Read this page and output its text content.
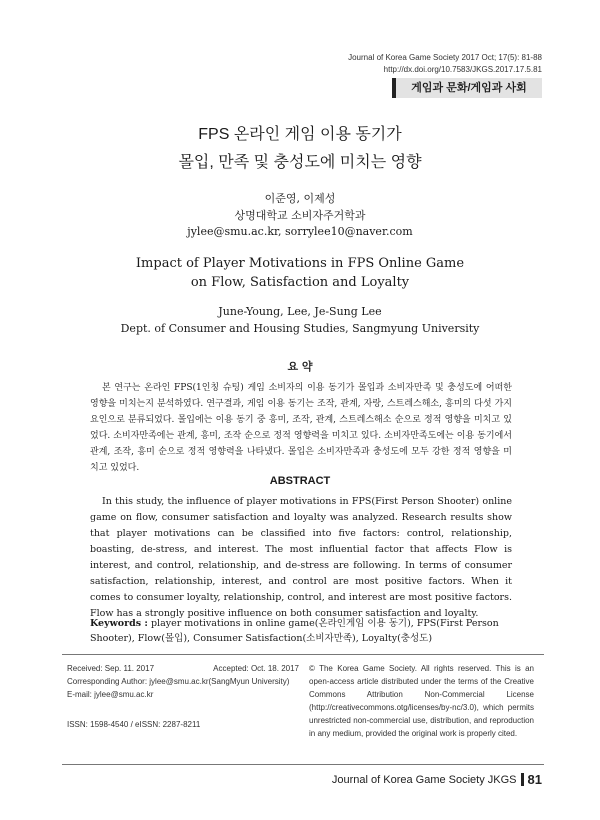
Journal of Korea Game Society 2017 Oct; 17(5): 81-88
http://dx.doi.org/10.7583/JKGS.2017.17.5.81
게임과 문화/게임과 사회
FPS 온라인 게임 이용 동기가
몰입, 만족 및 충성도에 미치는 영향
이준영, 이제성
상명대학교 소비자주거학과
jylee@smu.ac.kr, sorrylee10@naver.com
Impact of Player Motivations in FPS Online Game
on Flow, Satisfaction and Loyalty
June-Young, Lee, Je-Sung Lee
Dept. of Consumer and Housing Studies, Sangmyung University
요 약

본 연구는 온라인 FPS(1인칭 슈팅) 게임 소비자의 이용 동기가 몰입과 소비자만족 및 충성도에 어떠한 영향을 미치는지 분석하였다. 연구결과, 게임 이용 동기는 조작, 관계, 자랑, 스트레스해소, 흥미의 다섯 가지 요인으로 분류되었다. 몰입에는 이용 동기 중 흥미, 조작, 관계, 스트레스해소 순으로 정적 영향을 미치고 있었다. 소비자만족에는 관계, 흥미, 조작 순으로 정적 영향력을 미치고 있다. 소비자만족도에는 이용 동기에서 관계, 조작, 흥미 순으로 정적 영향력을 나타냈다. 몰입은 소비자만족과 충성도에 모두 강한 정적 영향을 미치고 있었다.

ABSTRACT

In this study, the influence of player motivations in FPS(First Person Shooter) online game on flow, consumer satisfaction and loyalty was analyzed. Research results show that player motivations can be classified into five factors: control, relationship, boasting, de-stress, and interest. The most influential factor that affects Flow is interest, and control, relationship, and de-stress are following. In terms of consumer satisfaction, relationship, interest, and control are most positive factors. When it comes to consumer loyalty, relationship, control, and interest are most positive factors. Flow has a strongly positive influence on both consumer satisfaction and loyalty.

Keywords : player motivations in online game(온라인게임 이용 동기), FPS(First Person Shooter), Flow(몰입), Consumer Satisfaction(소비자만족), Loyalty(충성도)

Received: Sep. 11. 2017	Accepted: Oct. 18. 2017
Corresponding Author: jylee@smu.ac.kr(SangMyun University)
E-mail: jylee@smu.ac.kr
ISSN: 1598-4540 / eISSN: 2287-8211

© The Korea Game Society. All rights reserved. This is an open-access article distributed under the terms of the Creative Commons Attribution Non-Commercial License (http://creativecommons.otg/licenses/by-nc/3.0), which permits unrestricted non-commercial use, distribution, and reproduction in any medium, provided the original work is properly cited.

Journal of Korea Game Society JKGS 81
